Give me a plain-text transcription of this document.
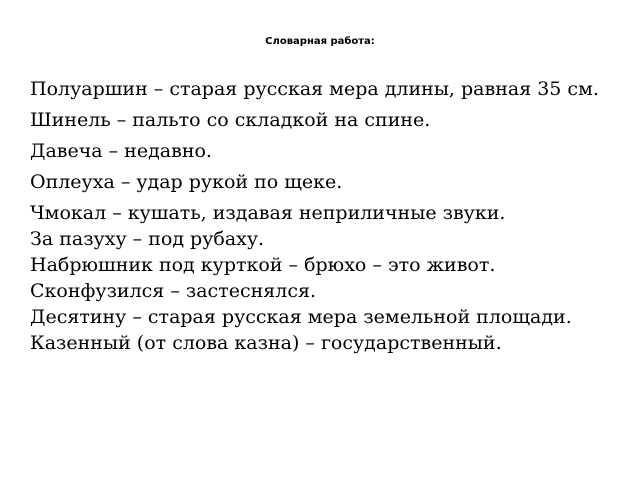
Словарная работа:
Полуаршин – старая русская мера длины, равная 35 см.
Шинель – пальто со складкой на спине.
Давеча – недавно.
Оплеуха – удар рукой по щеке.
Чмокал – кушать, издавая неприличные звуки.
За пазуху – под рубаху.
Набрюшник под курткой – брюхо – это живот.
Сконфузился – застеснялся.
Десятину – старая русская мера земельной площади.
Казенный (от слова казна) – государственный.
